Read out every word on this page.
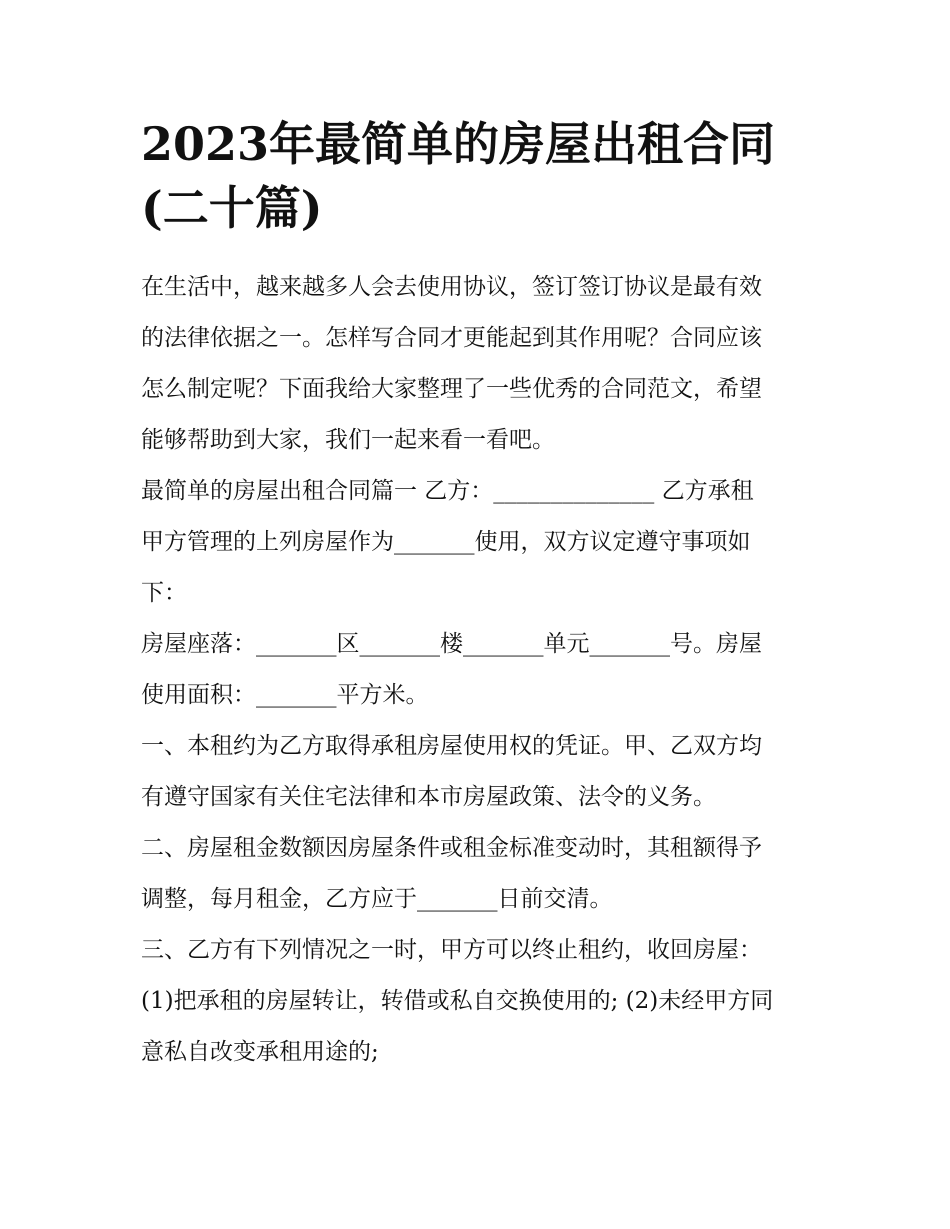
2023年最简单的房屋出租合同
(二十篇)

在生活中，越来越多人会去使用协议，签订签订协议是最有效
的法律依据之一。怎样写合同才更能起到其作用呢？合同应该
怎么制定呢？下面我给大家整理了一些优秀的合同范文，希望
能够帮助到大家，我们一起来看一看吧。

最简单的房屋出租合同篇一 乙方：______________ 乙方承租
甲方管理的上列房屋作为_______使用，双方议定遵守事项如
下：

房屋座落：_______区_______楼_______单元_______号。房屋
使用面积：_______平方米。

一、本租约为乙方取得承租房屋使用权的凭证。甲、乙双方均
有遵守国家有关住宅法律和本市房屋政策、法令的义务。

二、房屋租金数额因房屋条件或租金标准变动时，其租额得予
调整，每月租金，乙方应于_______日前交清。

三、乙方有下列情况之一时，甲方可以终止租约，收回房屋：
(1)把承租的房屋转让，转借或私自交换使用的; (2)未经甲方同
意私自改变承租用途的;
